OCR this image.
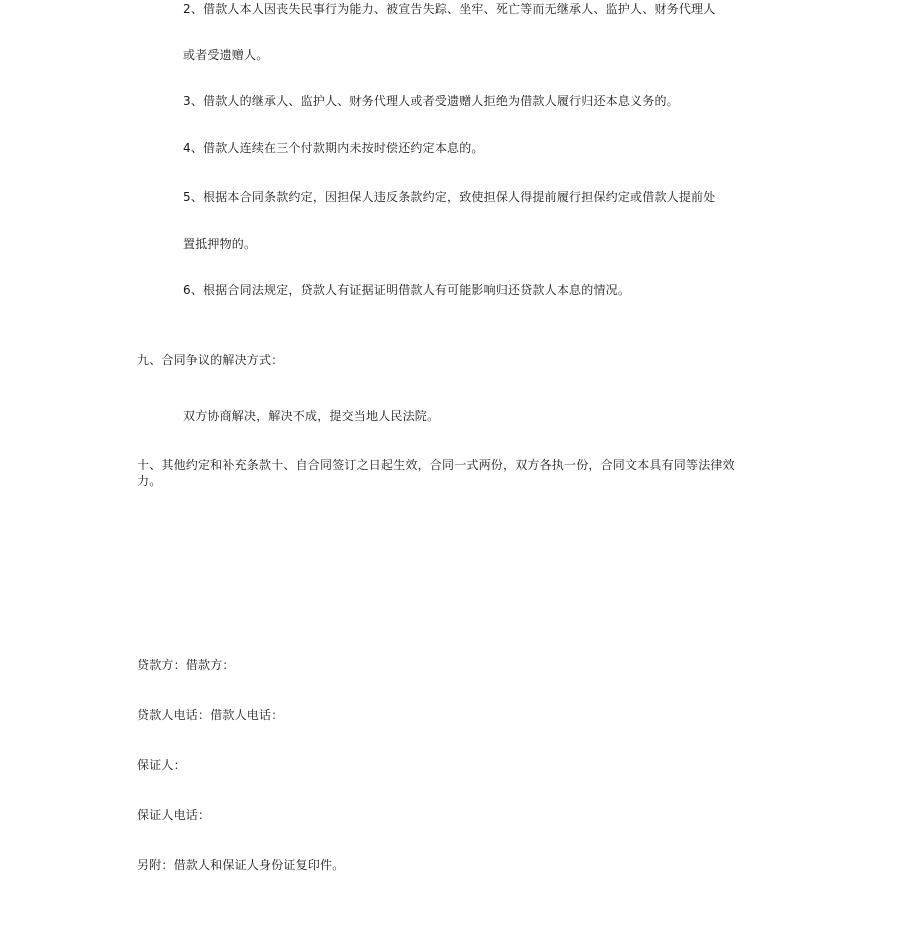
2、借款人本人因丧失民事行为能力、被宣告失踪、坐牢、死亡等而无继承人、监护人、财务代理人
或者受遗赠人。
3、借款人的继承人、监护人、财务代理人或者受遗赠人拒绝为借款人履行归还本息义务的。
4、借款人连续在三个付款期内未按时偿还约定本息的。
5、根据本合同条款约定，因担保人违反条款约定，致使担保人得提前履行担保约定或借款人提前处
置抵押物的。
6、根据合同法规定，贷款人有证据证明借款人有可能影响归还贷款人本息的情况。
九、合同争议的解决方式：
双方协商解决，解决不成，提交当地人民法院。
十、其他约定和补充条款十、自合同签订之日起生效，合同一式两份，双方各执一份，合同文本具有同等法律效力。
贷款方：借款方：
贷款人电话：借款人电话：
保证人：
保证人电话：
另附：借款人和保证人身份证复印件。
